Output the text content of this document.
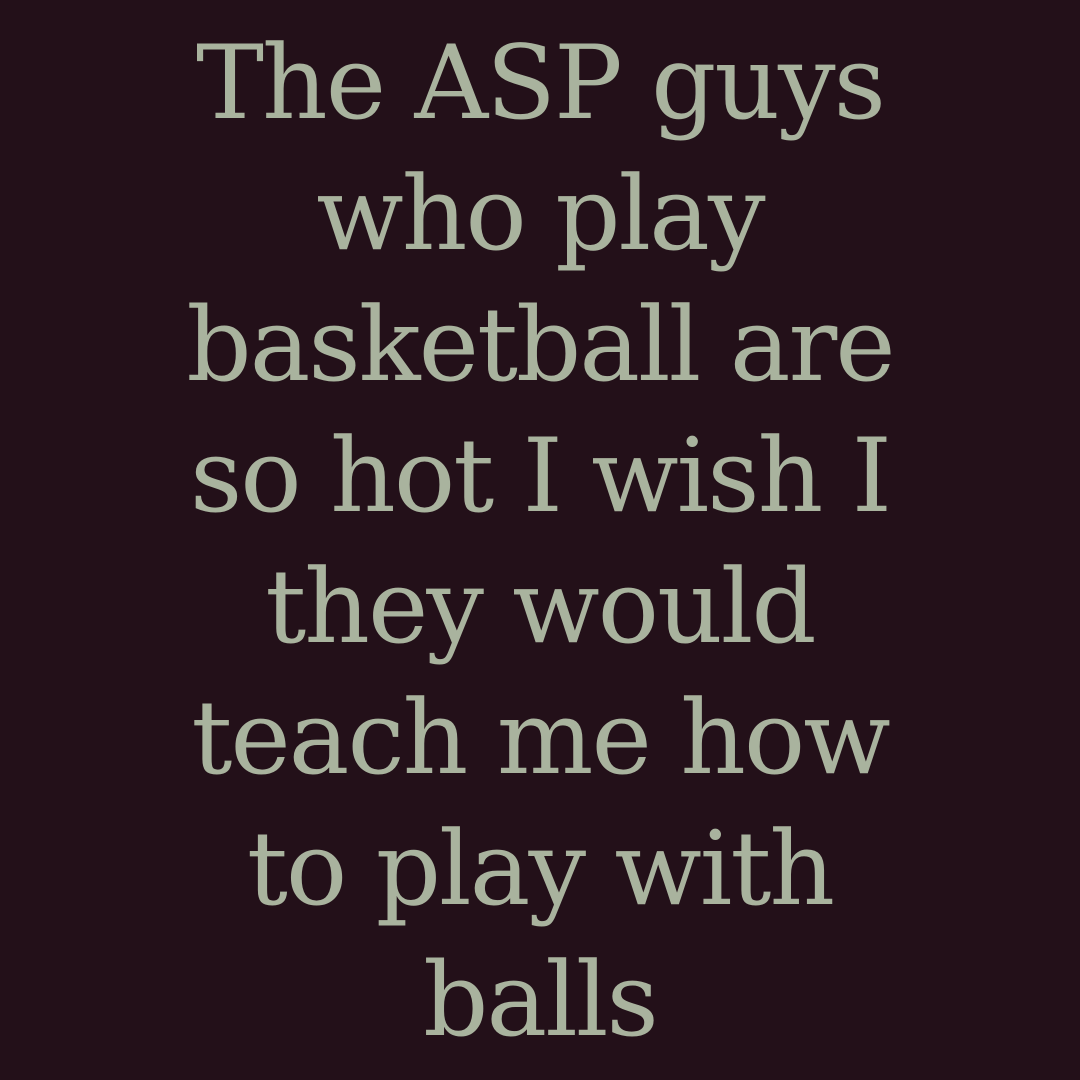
The ASP guys
who play
basketball are
so hot I wish I
they would
teach me how
to play with
balls
